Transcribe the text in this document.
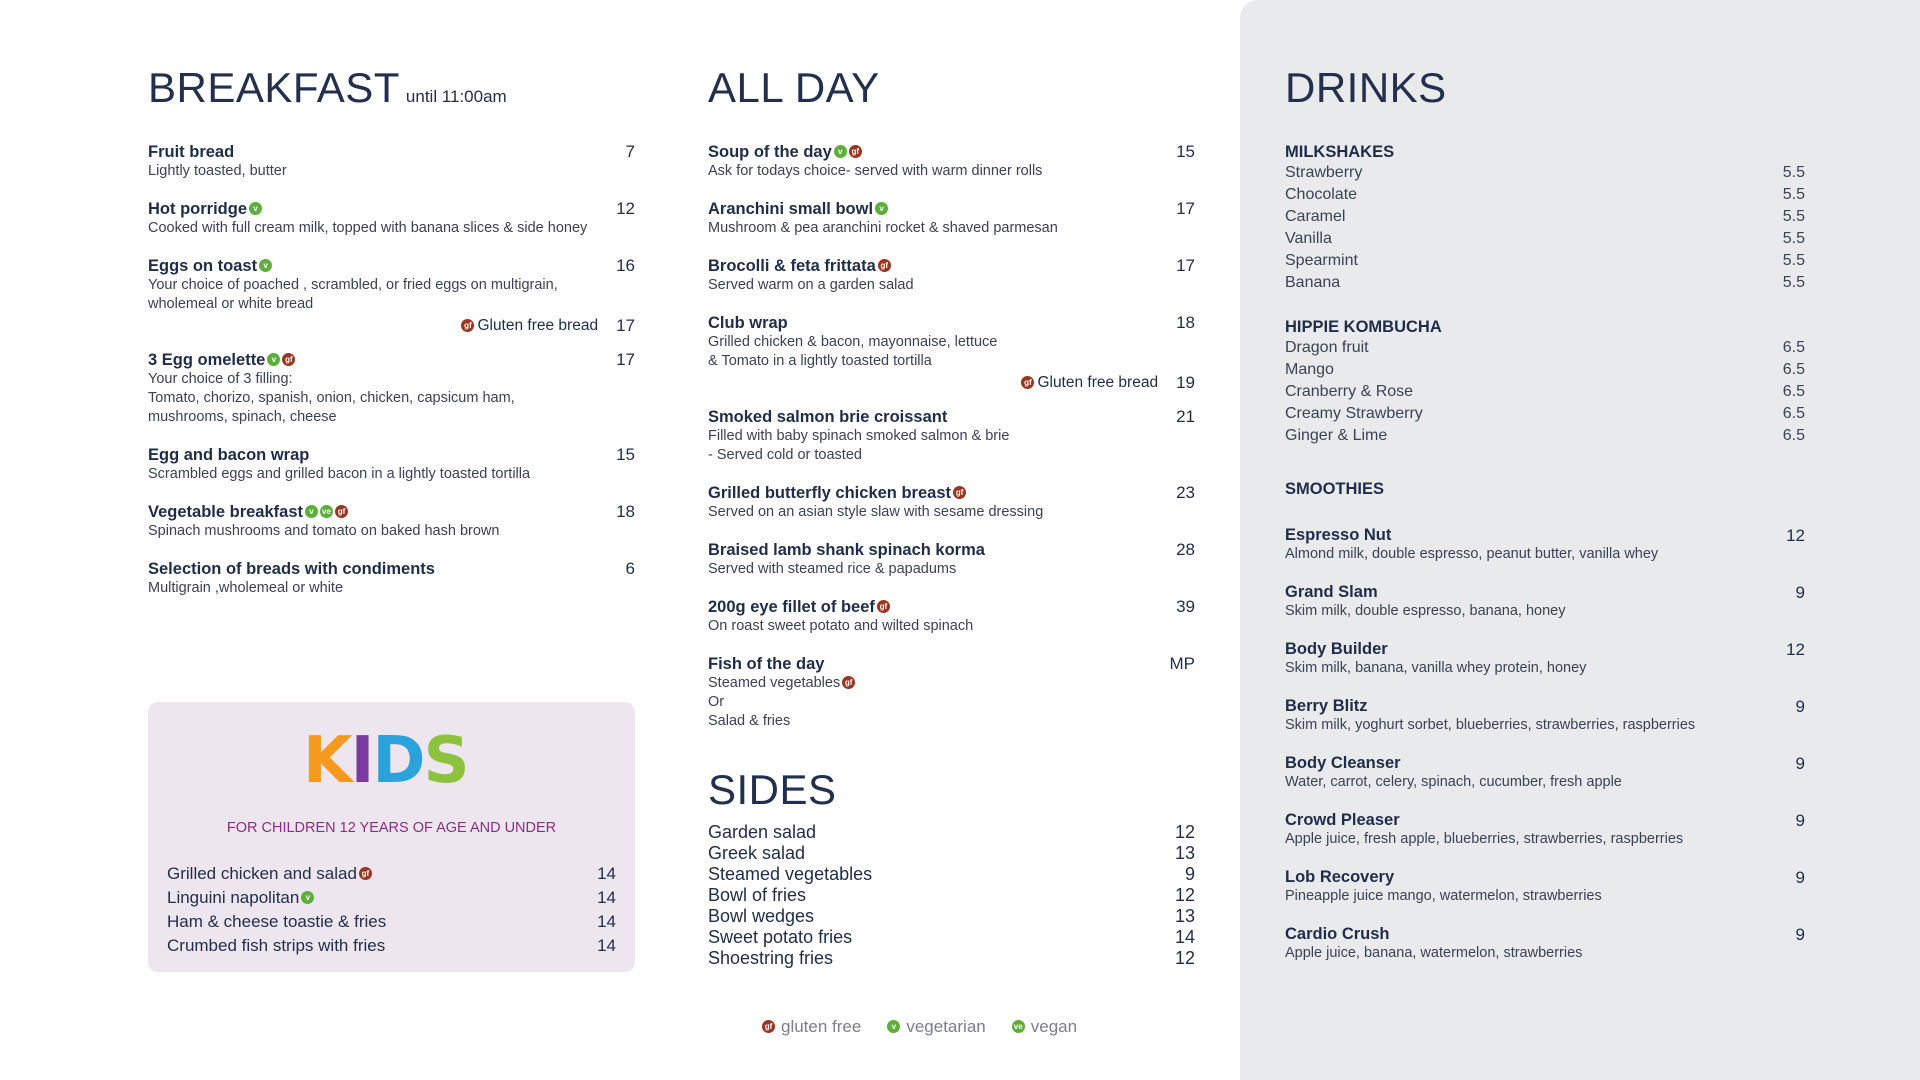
BREAKFAST until 11:00am
Fruit bread	7
Lightly toasted, butter
Hot porridge v	12
Cooked with full cream milk, topped with banana slices & side honey
Eggs on toast v	16
Your choice of poached , scrambled, or fried eggs on multigrain,
wholemeal or white bread
gf Gluten free bread 17
3 Egg omelette v gf	17
Your choice of 3 filling:
Tomato, chorizo, spanish, onion, chicken, capsicum ham,
mushrooms, spinach, cheese
Egg and bacon wrap	15
Scrambled eggs and grilled bacon in a lightly toasted tortilla
Vegetable breakfast v ve gf	18
Spinach mushrooms and tomato on baked hash brown
Selection of breads with condiments	6
Multigrain ,wholemeal or white
KIDS
FOR CHILDREN 12 YEARS OF AGE AND UNDER
Grilled chicken and salad gf	14
Linguini napolitan v	14
Ham & cheese toastie & fries	14
Crumbed fish strips with fries	14
ALL DAY
Soup of the day v gf	15
Ask for todays choice- served with warm dinner rolls
Aranchini small bowl v	17
Mushroom & pea aranchini rocket & shaved parmesan
Brocolli & feta frittata gf	17
Served warm on a garden salad
Club wrap	18
Grilled chicken & bacon, mayonnaise, lettuce
& Tomato in a lightly toasted tortilla
gf Gluten free bread 19
Smoked salmon brie croissant	21
Filled with baby spinach smoked salmon & brie
- Served cold or toasted
Grilled butterfly chicken breast gf	23
Served on an asian style slaw with sesame dressing
Braised lamb shank spinach korma	28
Served with steamed rice & papadums
200g eye fillet of beef gf	39
On roast sweet potato and wilted spinach
Fish of the day	MP
Steamed vegetables gf
Or
Salad & fries
SIDES
Garden salad	12
Greek salad	13
Steamed vegetables	9
Bowl of fries	12
Bowl wedges	13
Sweet potato fries	14
Shoestring fries	12
gf gluten free	v vegetarian	ve vegan
DRINKS
MILKSHAKES
Strawberry	5.5
Chocolate	5.5
Caramel	5.5
Vanilla	5.5
Spearmint	5.5
Banana	5.5
HIPPIE KOMBUCHA
Dragon fruit	6.5
Mango	6.5
Cranberry & Rose	6.5
Creamy Strawberry	6.5
Ginger & Lime	6.5
SMOOTHIES
Espresso Nut	12
Almond milk, double espresso, peanut butter, vanilla whey
Grand Slam	9
Skim milk, double espresso, banana, honey
Body Builder	12
Skim milk, banana, vanilla whey protein, honey
Berry Blitz	9
Skim milk, yoghurt sorbet, blueberries, strawberries, raspberries
Body Cleanser	9
Water, carrot, celery, spinach, cucumber, fresh apple
Crowd Pleaser	9
Apple juice, fresh apple, blueberries, strawberries, raspberries
Lob Recovery	9
Pineapple juice mango, watermelon, strawberries
Cardio Crush	9
Apple juice, banana, watermelon, strawberries
